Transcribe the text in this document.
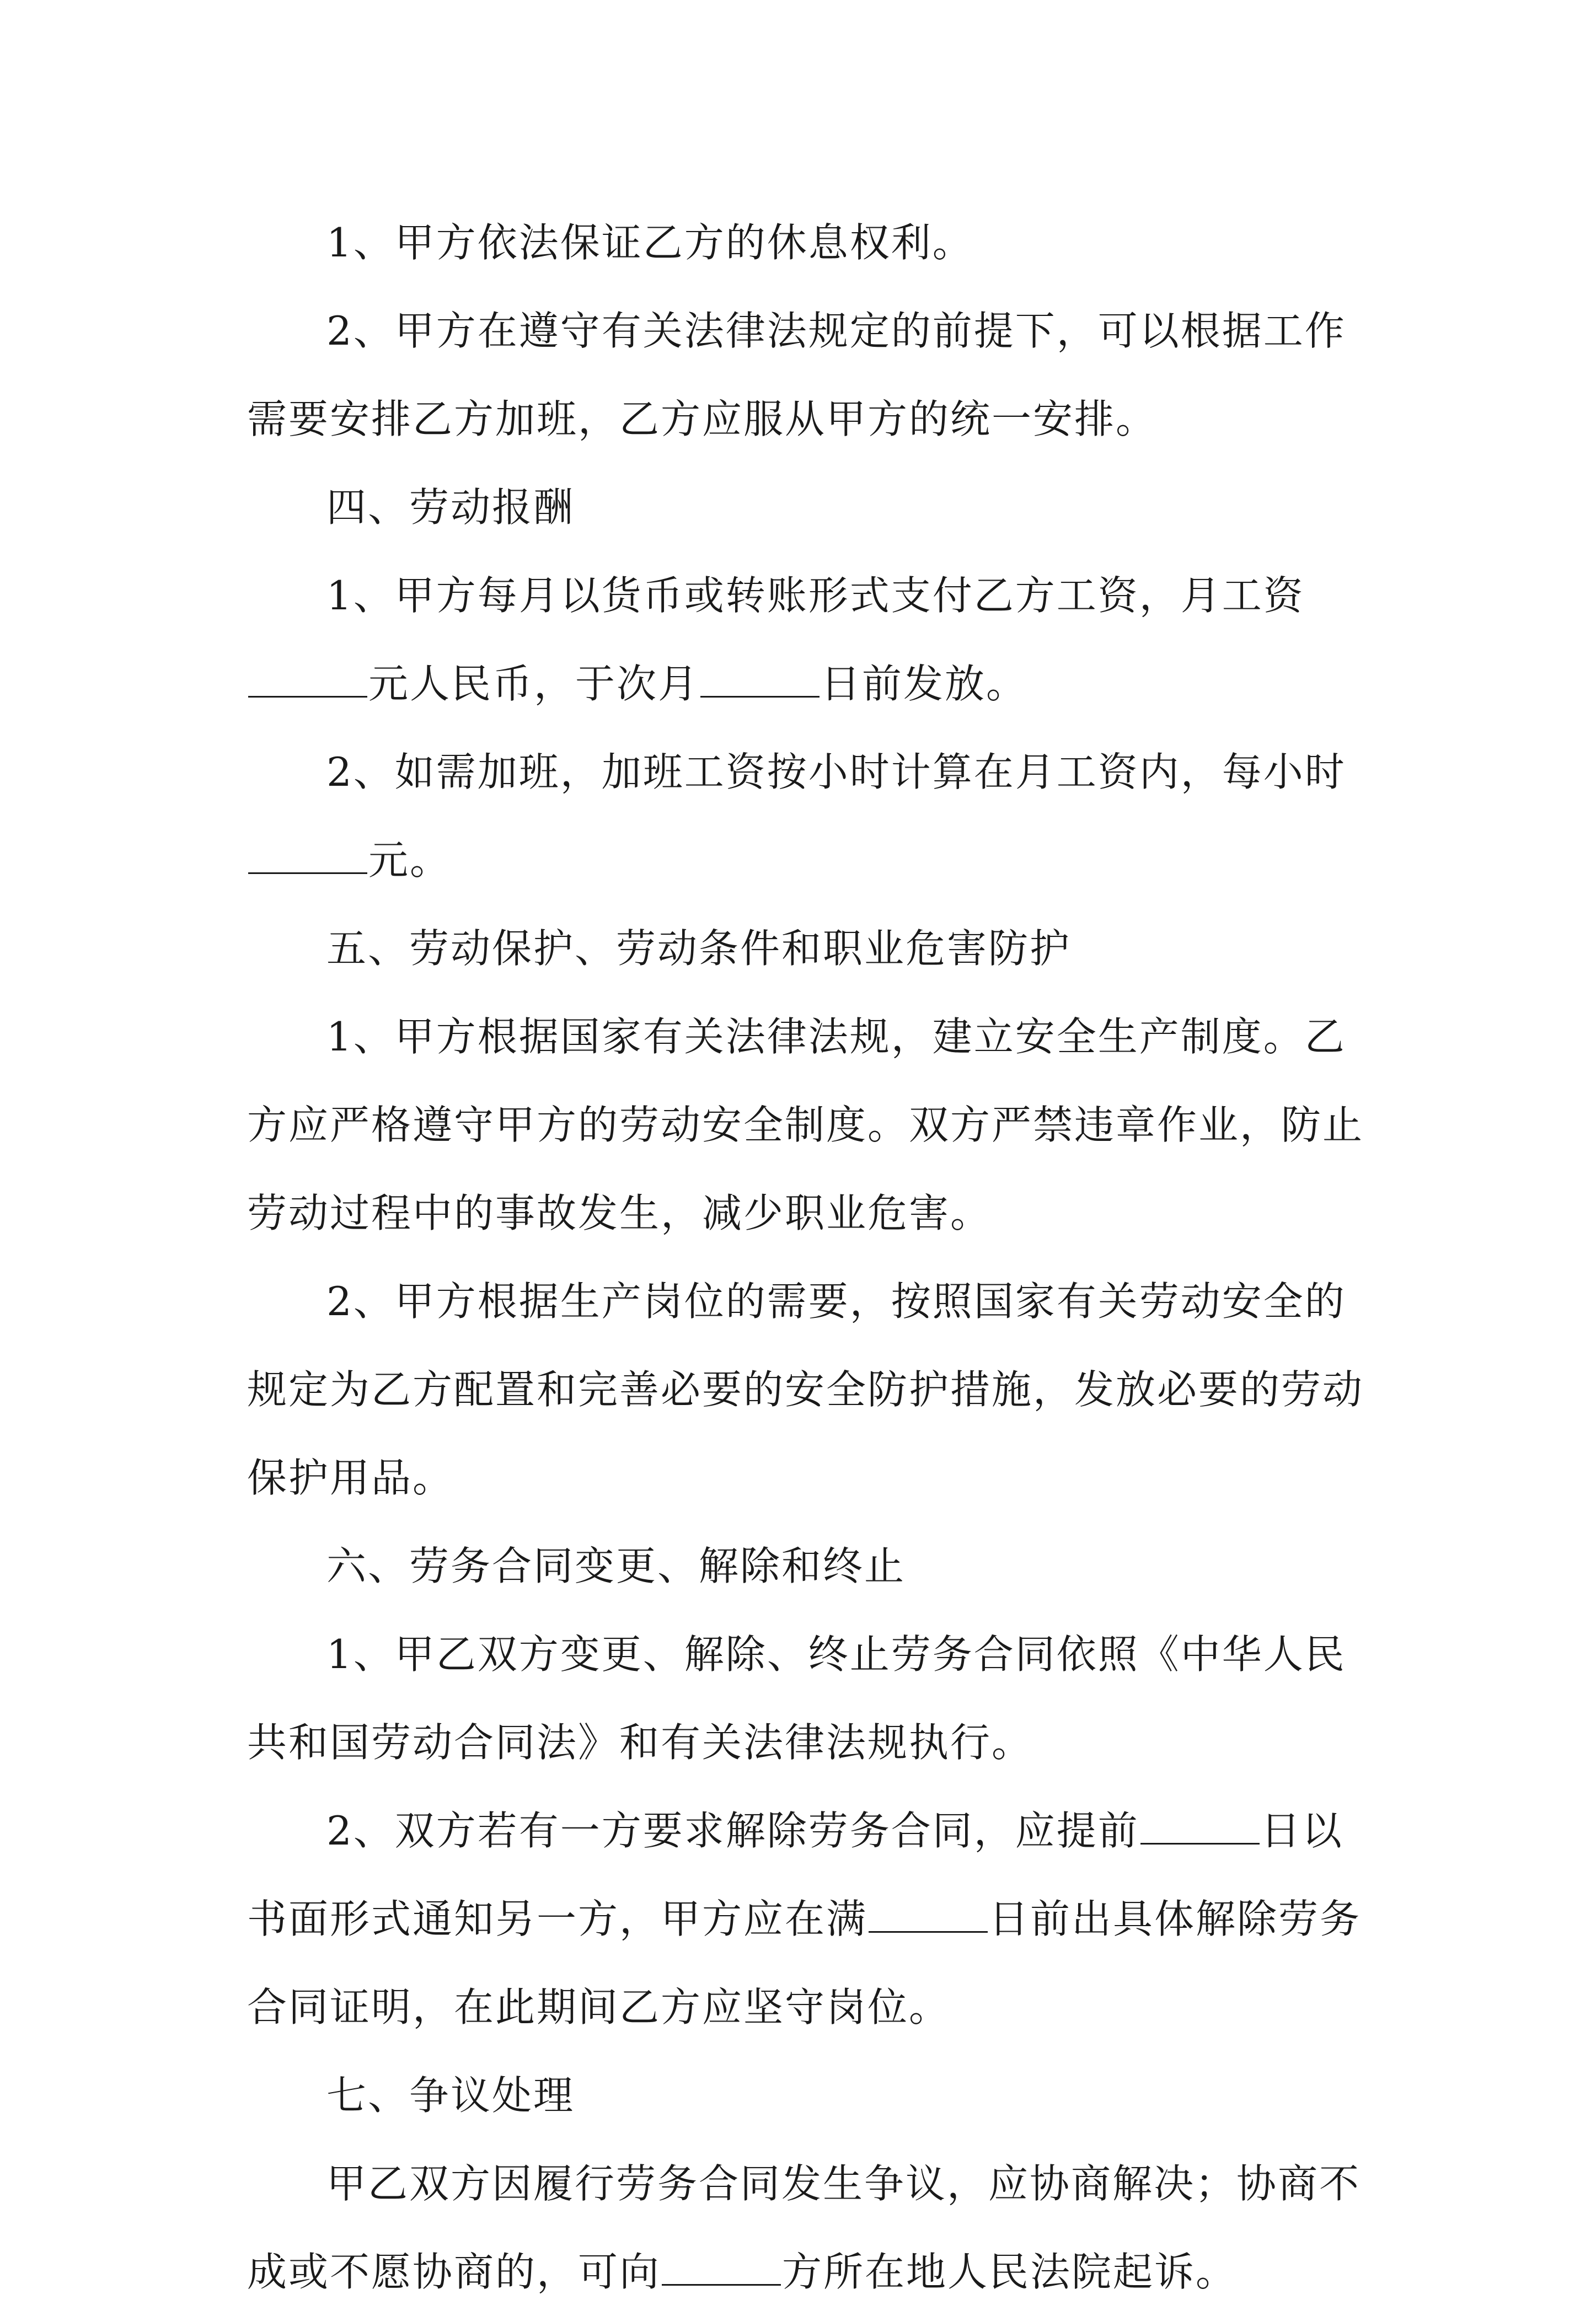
1、甲方依法保证乙方的休息权利。

2、甲方在遵守有关法律法规定的前提下，可以根据工作需要安排乙方加班，乙方应服从甲方的统一安排。

四、劳动报酬

1、甲方每月以货币或转账形式支付乙方工资，月工资元人民币，于次月	日前发放。

2、如需加班，加班工资按小时计算在月工资内，每小时元。

五、劳动保护、劳动条件和职业危害防护

1、甲方根据国家有关法律法规，建立安全生产制度。乙方应严格遵守甲方的劳动安全制度。双方严禁违章作业，防止劳动过程中的事故发生，减少职业危害。

2、甲方根据生产岗位的需要，按照国家有关劳动安全的规定为乙方配置和完善必要的安全防护措施，发放必要的劳动保护用品。

六、劳务合同变更、解除和终止

1、甲乙双方变更、解除、终止劳务合同依照《中华人民共和国劳动合同法》和有关法律法规执行。

2、双方若有一方要求解除劳务合同，应提前	日以书面形式通知另一方，甲方应在满	日前出具体解除劳务合同证明，在此期间乙方应坚守岗位。

七、争议处理

甲乙双方因履行劳务合同发生争议，应协商解决；协商不成或不愿协商的，可向	方所在地人民法院起诉。
